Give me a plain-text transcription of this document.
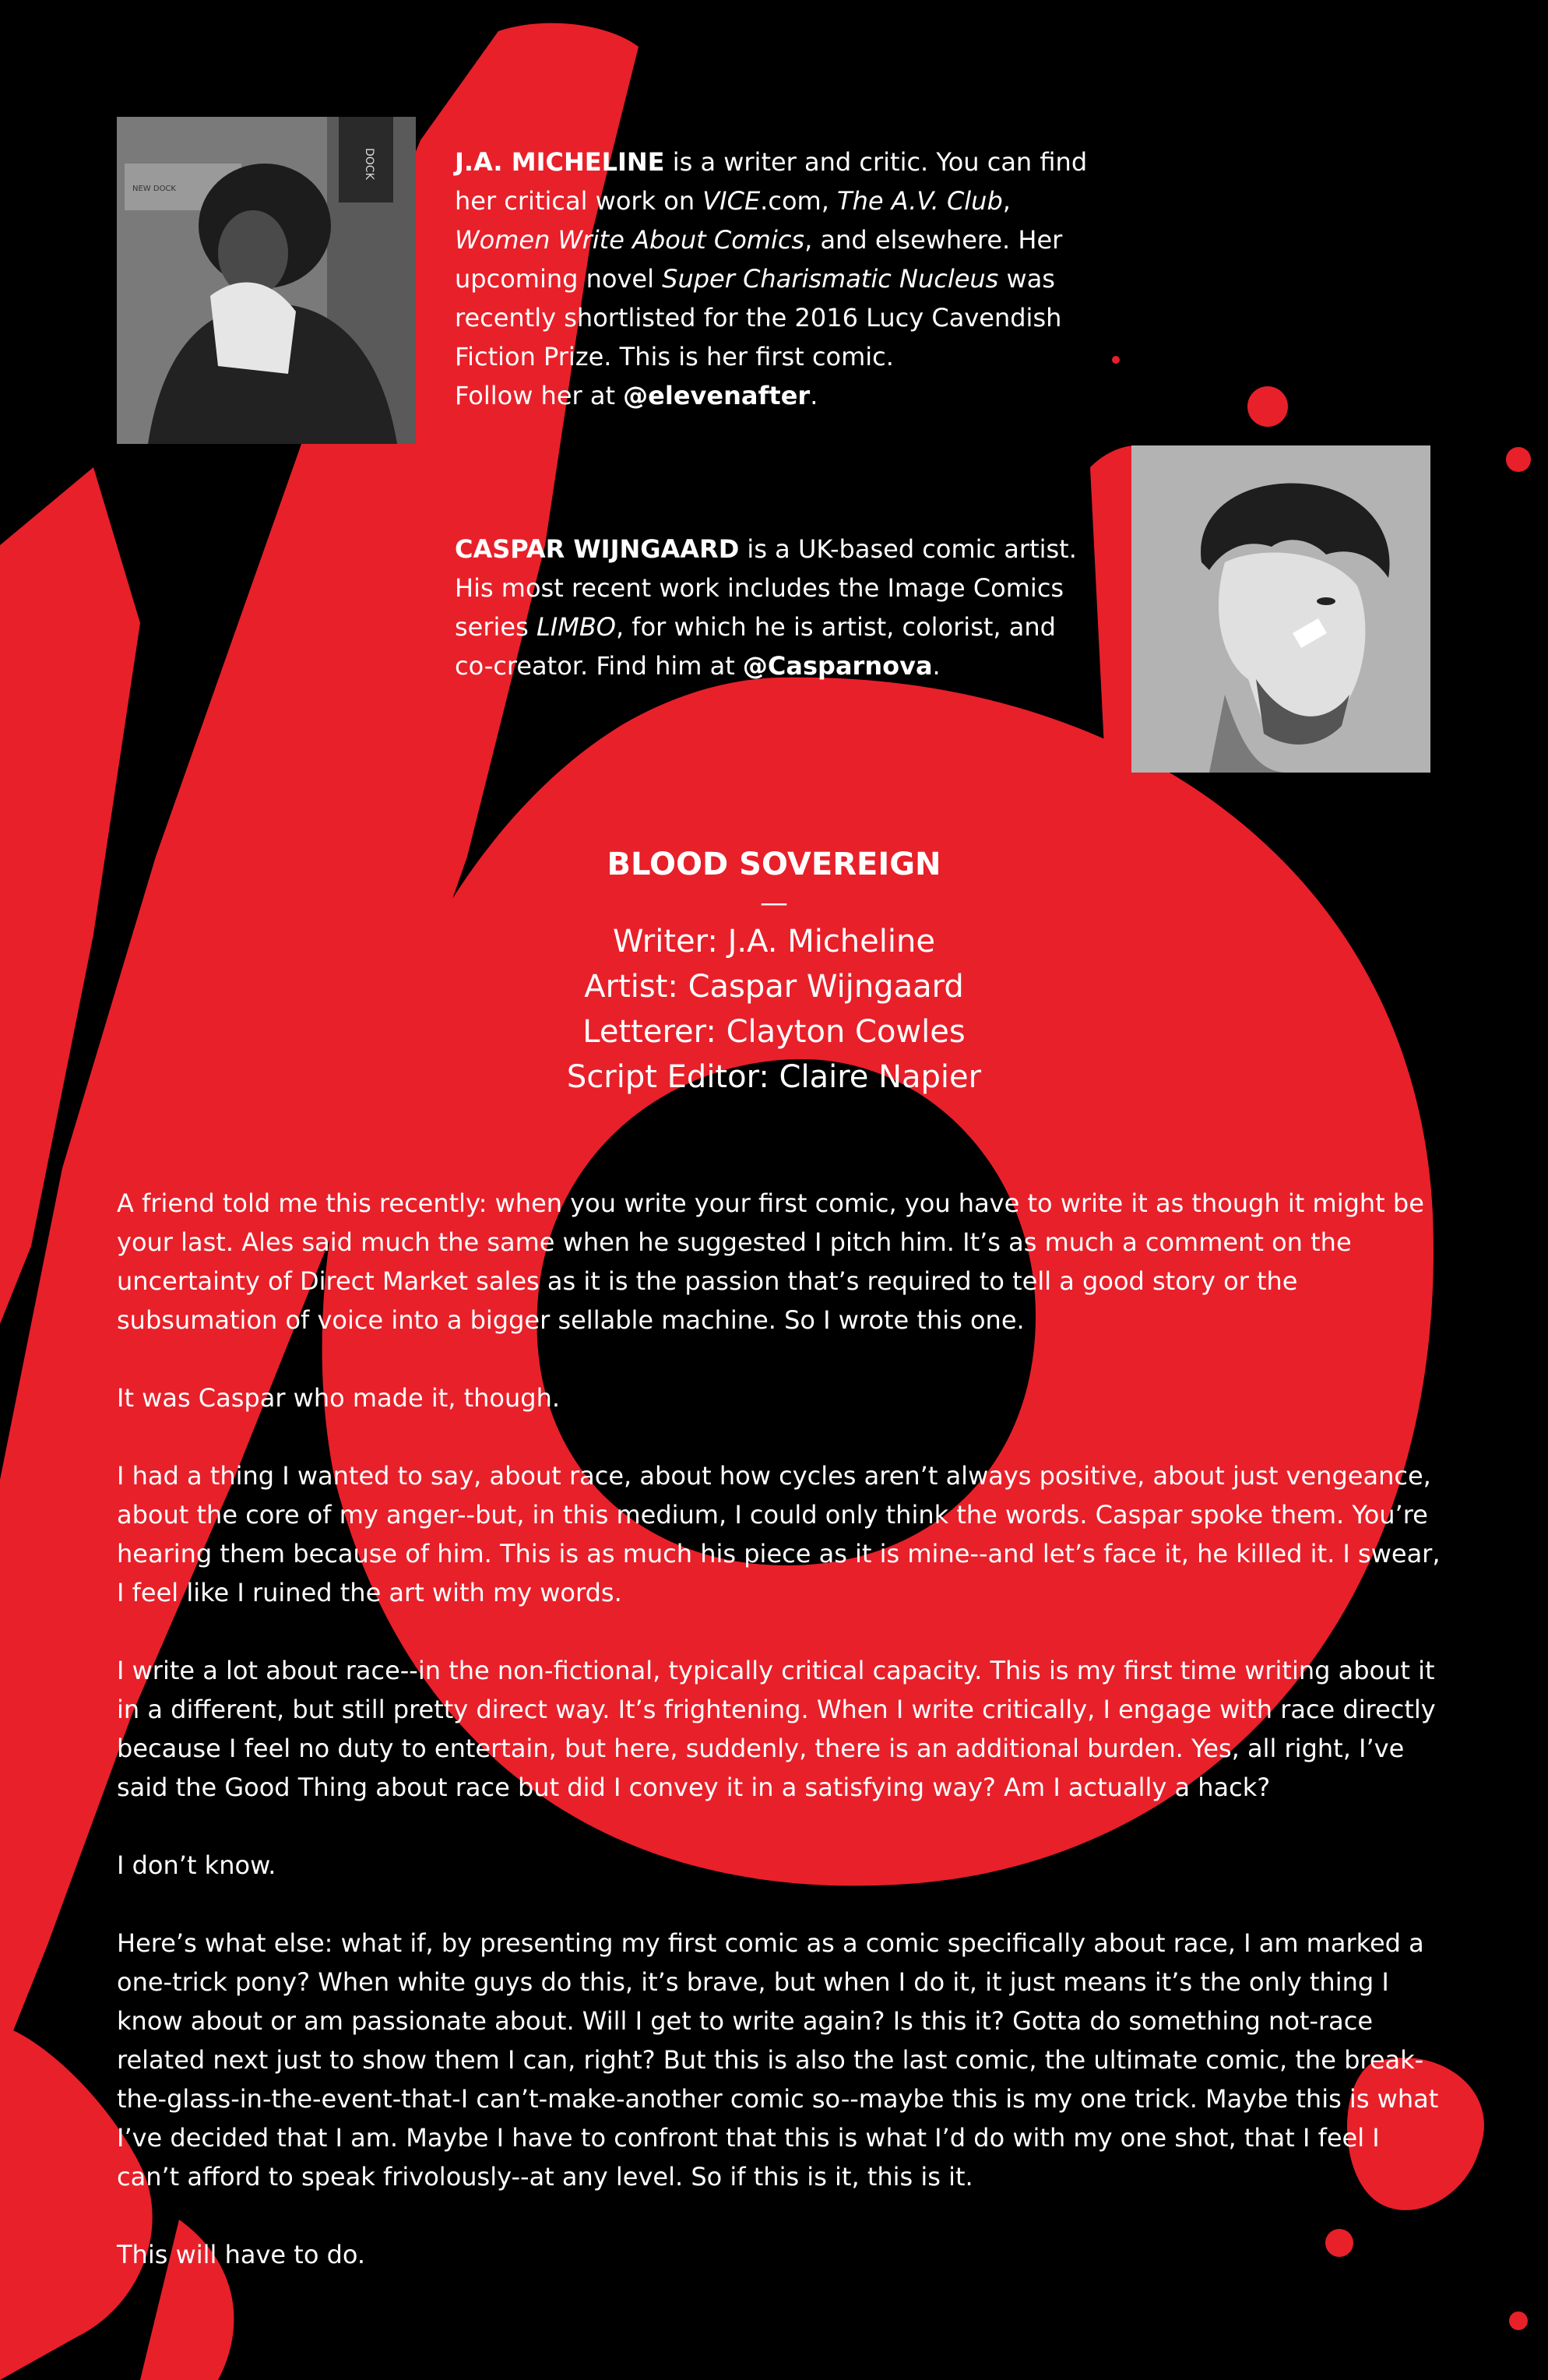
DOCK
NEW DOCK
J.A. MICHELINE is a writer and critic. You can find her critical work on VICE.com, The A.V. Club, Women Write About Comics, and elsewhere. Her upcoming novel Super Charismatic Nucleus was recently shortlisted for the 2016 Lucy Cavendish Fiction Prize. This is her first comic.
Follow her at @elevenafter.
CASPAR WIJNGAARD is a UK-based comic artist. His most recent work includes the Image Comics series LIMBO, for which he is artist, colorist, and co-creator. Find him at @Casparnova.
BLOOD SOVEREIGN
—
Writer: J.A. Micheline
Artist: Caspar Wijngaard
Letterer: Clayton Cowles
Script Editor: Claire Napier

A friend told me this recently: when you write your first comic, you have to write it as though it might be your last. Ales said much the same when he suggested I pitch him. It’s as much a comment on the uncertainty of Direct Market sales as it is the passion that’s required to tell a good story or the subsumation of voice into a bigger sellable machine. So I wrote this one.

It was Caspar who made it, though.

I had a thing I wanted to say, about race, about how cycles aren’t always positive, about just vengeance, about the core of my anger--but, in this medium, I could only think the words. Caspar spoke them. You’re hearing them because of him. This is as much his piece as it is mine--and let’s face it, he killed it. I swear, I feel like I ruined the art with my words.

I write a lot about race--in the non-fictional, typically critical capacity. This is my first time writing about it in a different, but still pretty direct way. It’s frightening. When I write critically, I engage with race directly because I feel no duty to entertain, but here, suddenly, there is an additional burden. Yes, all right, I’ve said the Good Thing about race but did I convey it in a satisfying way? Am I actually a hack?

I don’t know.

Here’s what else: what if, by presenting my first comic as a comic specifically about race, I am marked a one-trick pony? When white guys do this, it’s brave, but when I do it, it just means it’s the only thing I know about or am passionate about. Will I get to write again? Is this it? Gotta do something not-race related next just to show them I can, right? But this is also the last comic, the ultimate comic, the break-the-glass-in-the-event-that-I can’t-make-another comic so--maybe this is my one trick. Maybe this is what I’ve decided that I am. Maybe I have to confront that this is what I’d do with my one shot, that I feel I can’t afford to speak frivolously--at any level. So if this is it, this is it.

This will have to do.
